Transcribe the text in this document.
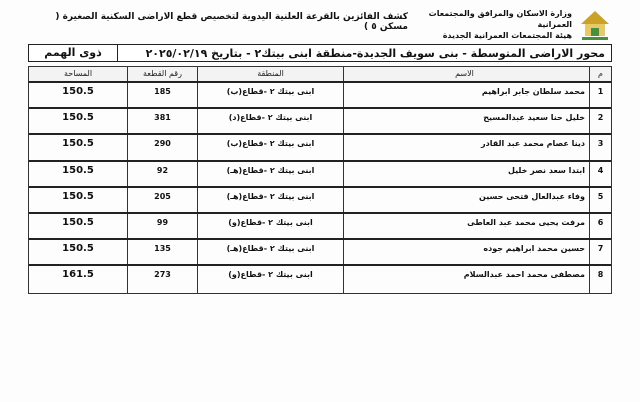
وزارة الاسكان والمرافق والمجتمعات العمرانية
هيئة المجتمعات العمرانية الجديدة
كشف الفائزين بالقرعة العلنية اليدوية لتخصيص قطع الاراضى السكنية الصغيرة ( مسكن ٥ )
محور الاراضى المتوسطة - بنى سويف الجديدة-منطقة ابنى بيتك٢ - بتاريخ ٢٠٢٥/٠٢/١٩
ذوى الهمم
م
الاسم
المنطقة
رقم القطعة
المساحة
1
محمد سلطان جابر ابراهيم
ابنى بيتك ٢ -قطاع(ب)
185
150.5
2
خليل حنا سعيد عبدالمسيح
ابنى بيتك ٢ -قطاع(د)
381
150.5
3
دينا عصام محمد عبد القادر
ابنى بيتك ٢ -قطاع(ب)
290
150.5
4
ابتدا سعد نصر خليل
ابنى بيتك ٢ -قطاع(هـ)
92
150.5
5
وفاء عبدالعال فتحى حسين
ابنى بيتك ٢ -قطاع(هـ)
205
150.5
6
مرفت يحيى محمد عبد العاطى
ابنى بيتك ٢ -قطاع(و)
99
150.5
7
حسين محمد ابراهيم جوده
ابنى بيتك ٢ -قطاع(هـ)
135
150.5
8
مصطفى محمد احمد عبدالسلام
ابنى بيتك ٢ -قطاع(و)
273
161.5
